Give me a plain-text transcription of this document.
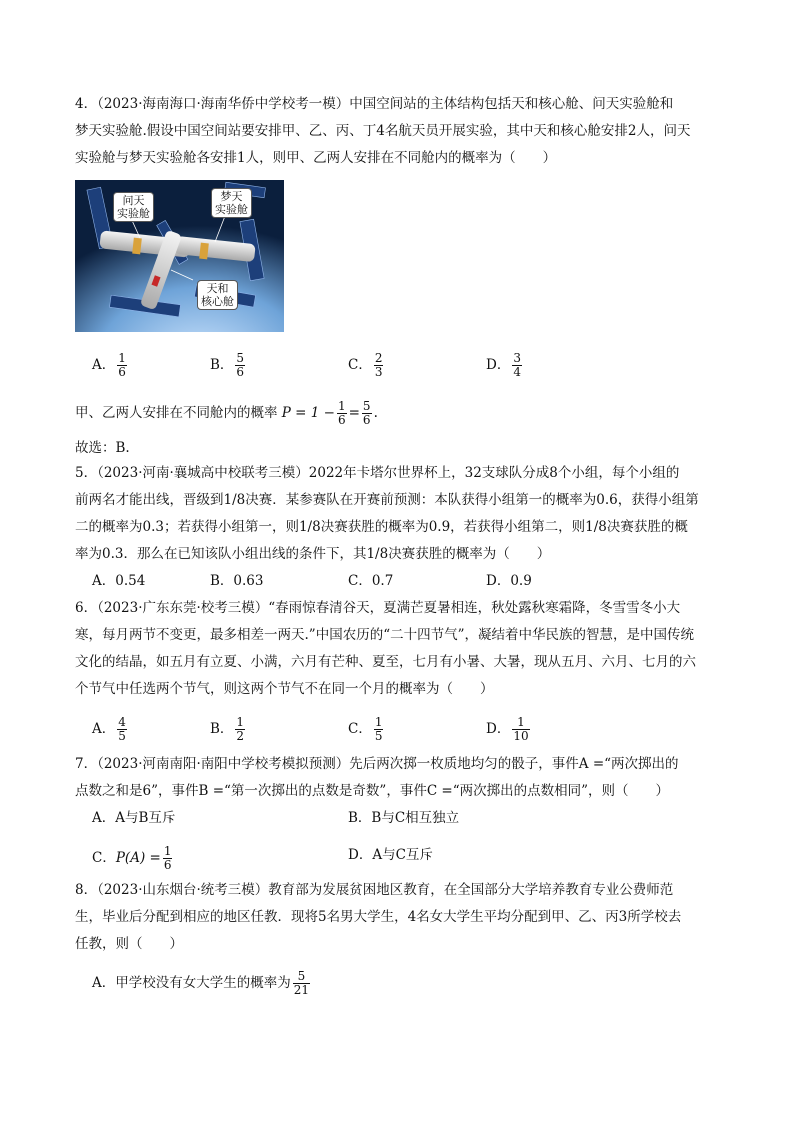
4．（2023·海南海口·海南华侨中学校考一模）中国空间站的主体结构包括天和核心舱、问天实验舱和
梦天实验舱.假设中国空间站要安排甲、乙、丙、丁4名航天员开展实验，其中天和核心舱安排2人，问天
实验舱与梦天实验舱各安排1人，则甲、乙两人安排在不同舱内的概率为（　　）
问天
实验舱
梦天
实验舱
天和
核心舱
A． $\frac{1}{6}$	B． $\frac{5}{6}$	C． $\frac{2}{3}$	D． $\frac{3}{4}$
甲、乙两人安排在不同舱内的概率 $P = 1 - \frac{1}{6} = \frac{5}{6}$ .
故选：B.
5．（2023·河南·襄城高中校联考三模）2022年卡塔尔世界杯上，32支球队分成8个小组，每个小组的
前两名才能出线，晋级到1/8决赛．某参赛队在开赛前预测：本队获得小组第一的概率为0.6，获得小组第
二的概率为0.3；若获得小组第一，则1/8决赛获胜的概率为0.9，若获得小组第二，则1/8决赛获胜的概
率为0.3．那么在已知该队小组出线的条件下，其1/8决赛获胜的概率为（　　）
A．0.54	B．0.63	C．0.7	D．0.9
6．（2023·广东东莞·校考三模）“春雨惊春清谷天，夏满芒夏暑相连，秋处露秋寒霜降，冬雪雪冬小大
寒，每月两节不变更，最多相差一两天.”中国农历的“二十四节气”，凝结着中华民族的智慧，是中国传统
文化的结晶，如五月有立夏、小满，六月有芒种、夏至，七月有小暑、大暑，现从五月、六月、七月的六
个节气中任选两个节气，则这两个节气不在同一个月的概率为（　　）
A． $\frac{4}{5}$	B． $\frac{1}{2}$	C． $\frac{1}{5}$	D． $\frac{1}{10}$
7．（2023·河南南阳·南阳中学校考模拟预测）先后两次掷一枚质地均匀的骰子，事件A =“两次掷出的
点数之和是6”，事件B =“第一次掷出的点数是奇数”，事件C =“两次掷出的点数相同”，则（　　）
A．A与B互斥	B．B与C相互独立
C．$P(A) = \frac{1}{6}$	D．A与C互斥
8．（2023·山东烟台·统考三模）教育部为发展贫困地区教育，在全国部分大学培养教育专业公费师范
生，毕业后分配到相应的地区任教．现将5名男大学生，4名女大学生平均分配到甲、乙、丙3所学校去
任教，则（　　）
A．甲学校没有女大学生的概率为 $\frac{5}{21}$
